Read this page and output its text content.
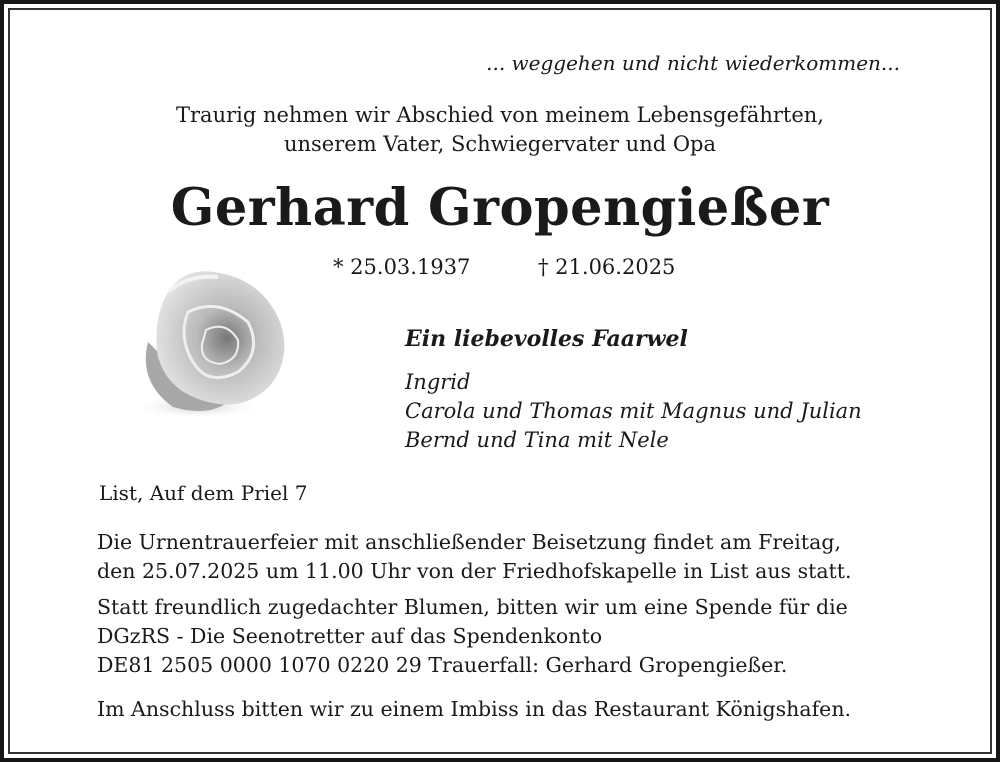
... weggehen und nicht wiederkommen...
Traurig nehmen wir Abschied von meinem Lebensgefährten,
unserem Vater, Schwiegervater und Opa
Gerhard Gropengießer
* 25.03.1937	† 21.06.2025
Ein liebevolles Faarwel
Ingrid
Carola und Thomas mit Magnus und Julian
Bernd und Tina mit Nele
List, Auf dem Priel 7
Die Urnentrauerfeier mit anschließender Beisetzung findet am Freitag,
den 25.07.2025 um 11.00 Uhr von der Friedhofskapelle in List aus statt.
Statt freundlich zugedachter Blumen, bitten wir um eine Spende für die
DGzRS - Die Seenotretter auf das Spendenkonto
DE81 2505 0000 1070 0220 29 Trauerfall: Gerhard Gropengießer.
Im Anschluss bitten wir zu einem Imbiss in das Restaurant Königshafen.
